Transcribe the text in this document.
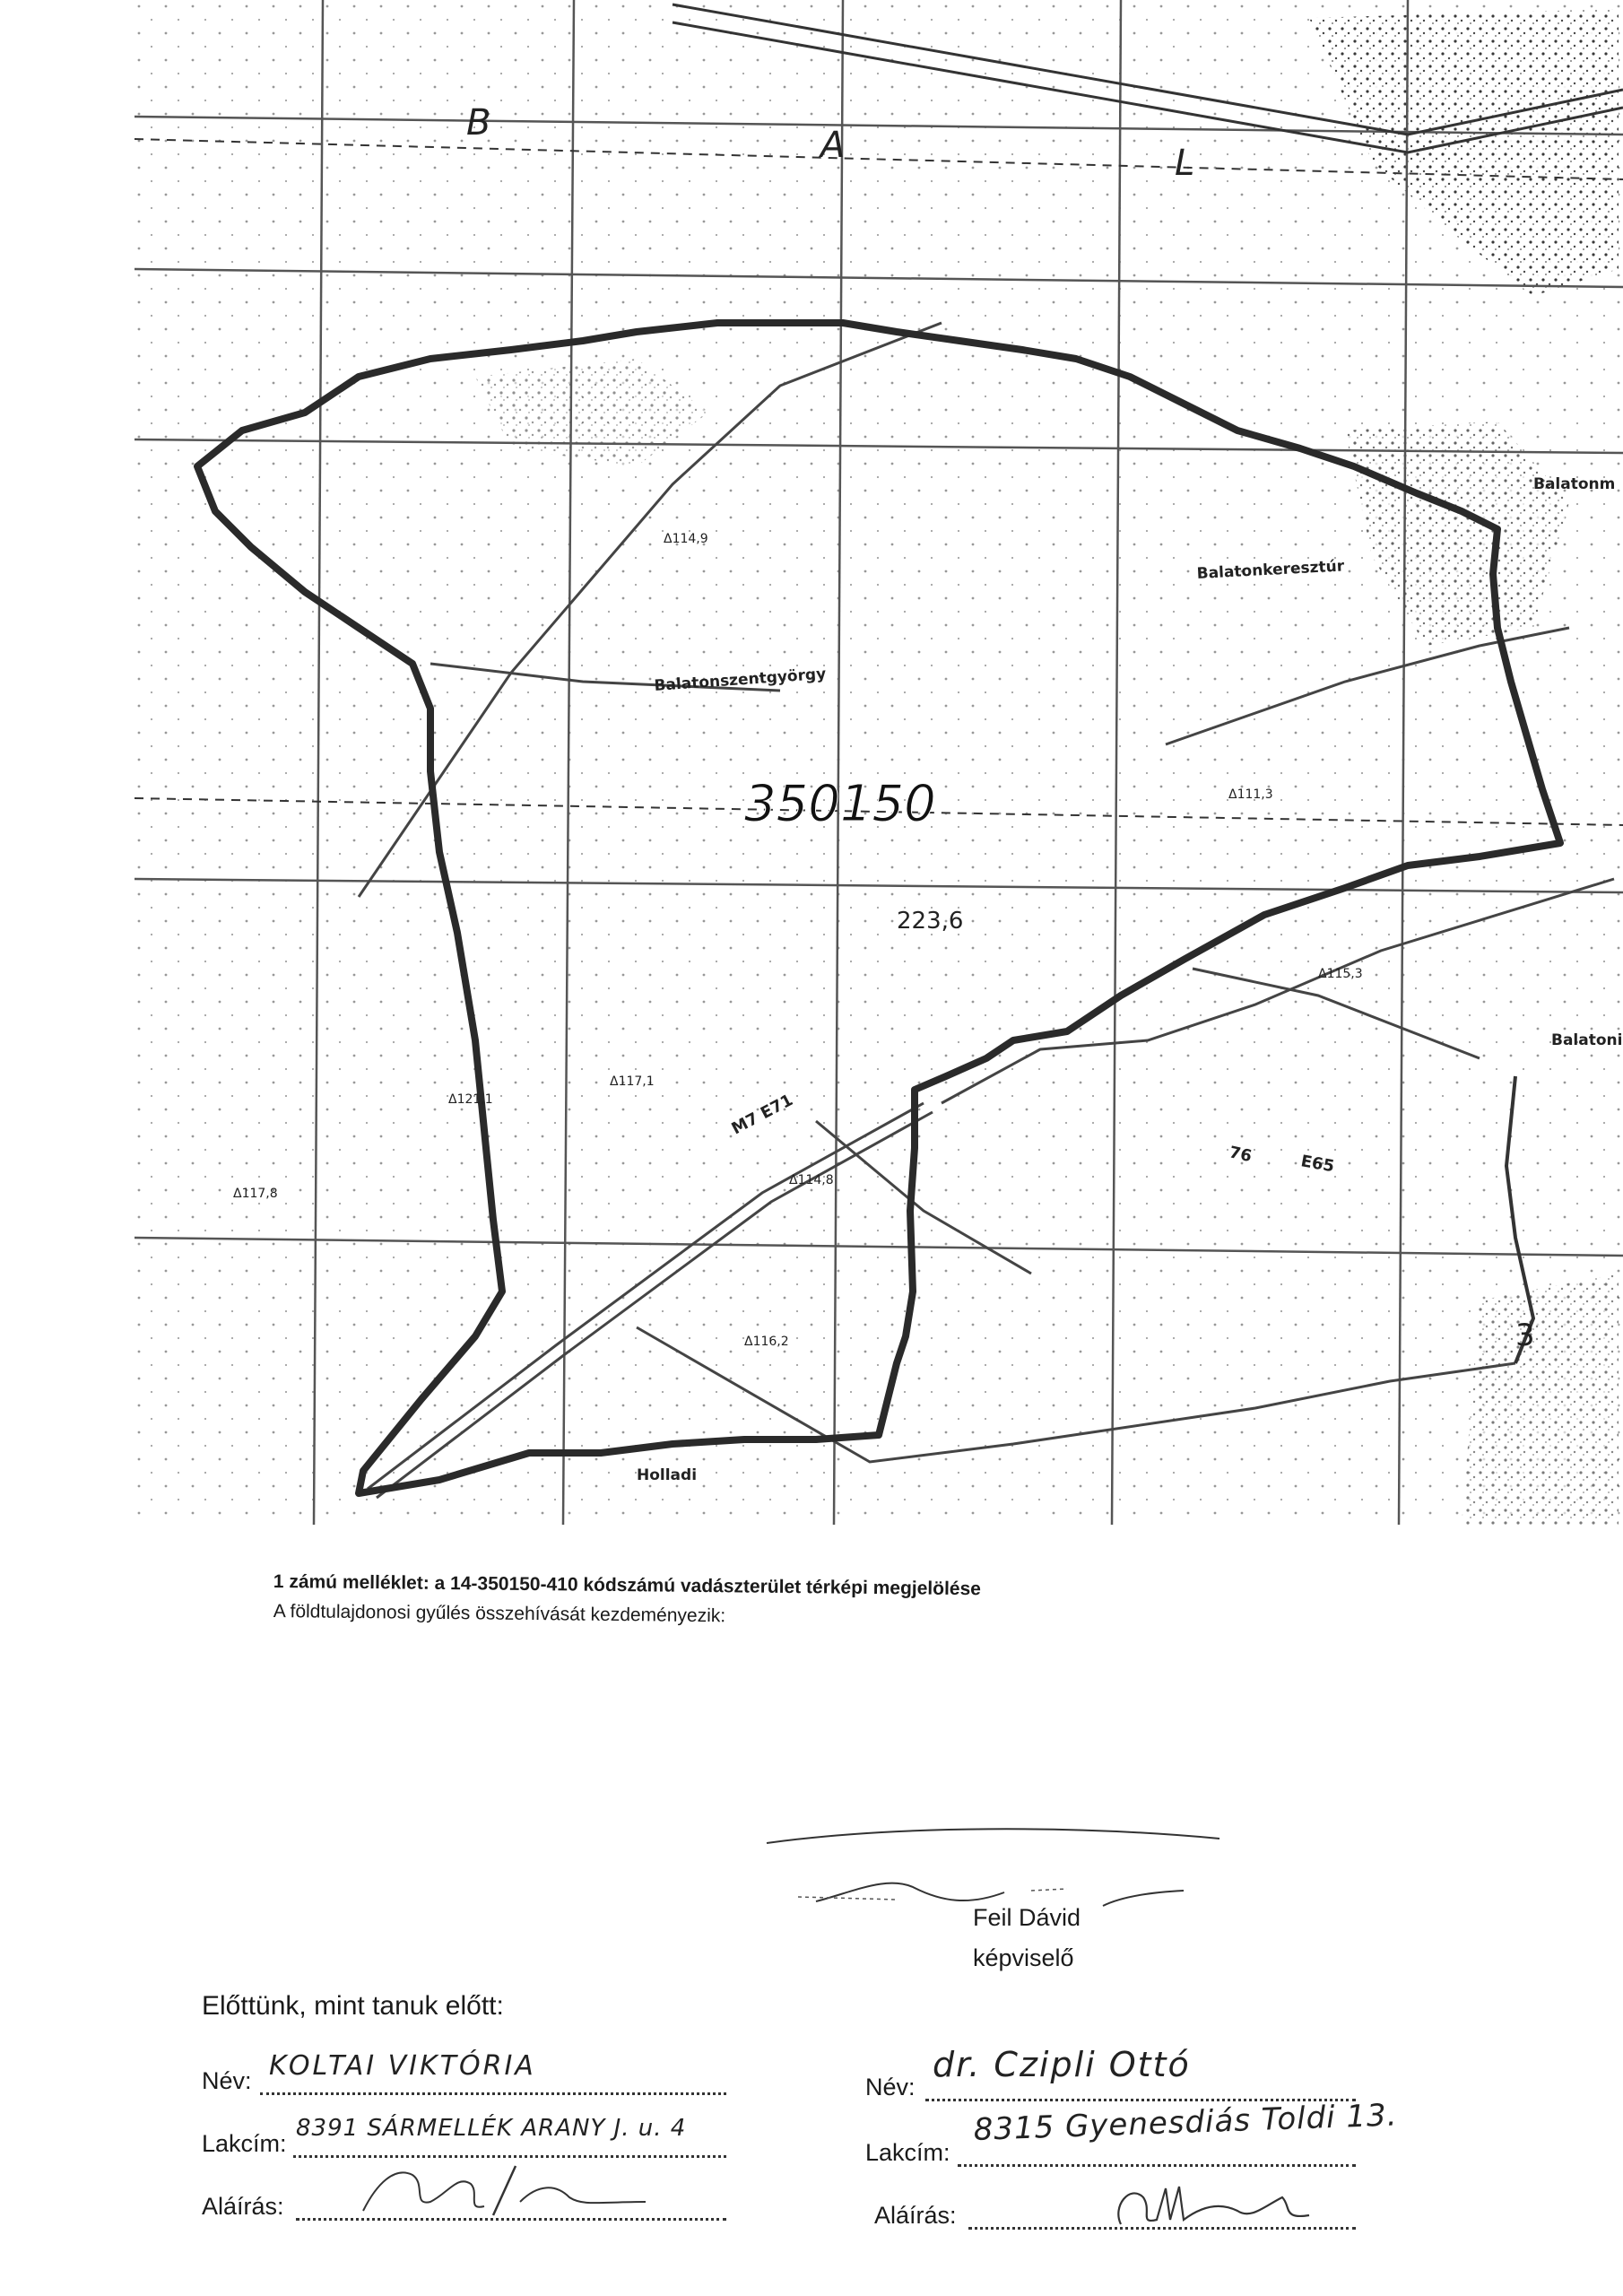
B
A	L
350150
223,6
Balatonszentgyörgy
Balatonkeresztúr
Balatonm
Balatoni
Holladi
M7 E71
76	E65
Δ114,9
Δ111,3
Δ121,1
Δ115,3
Δ117,1
Δ114,8
Δ116,2
Δ117,8
3
1 zámú melléklet: a 14-350150-410 kódszámú vadászterület térképi megjelölése
A földtulajdonosi gyűlés összehívását kezdeményezik:
Feil Dávid
képviselő
Előttünk, mint tanuk előtt:
Név: KOLTAI VIKTÓRIA
Lakcím:
8391 SÁRMELLÉK ARANY J. u. 4
Aláírás:
Név:
dr. Czipli Ottó
Lakcím:
8315 Gyenesdiás Toldi 13.
Aláírás:
